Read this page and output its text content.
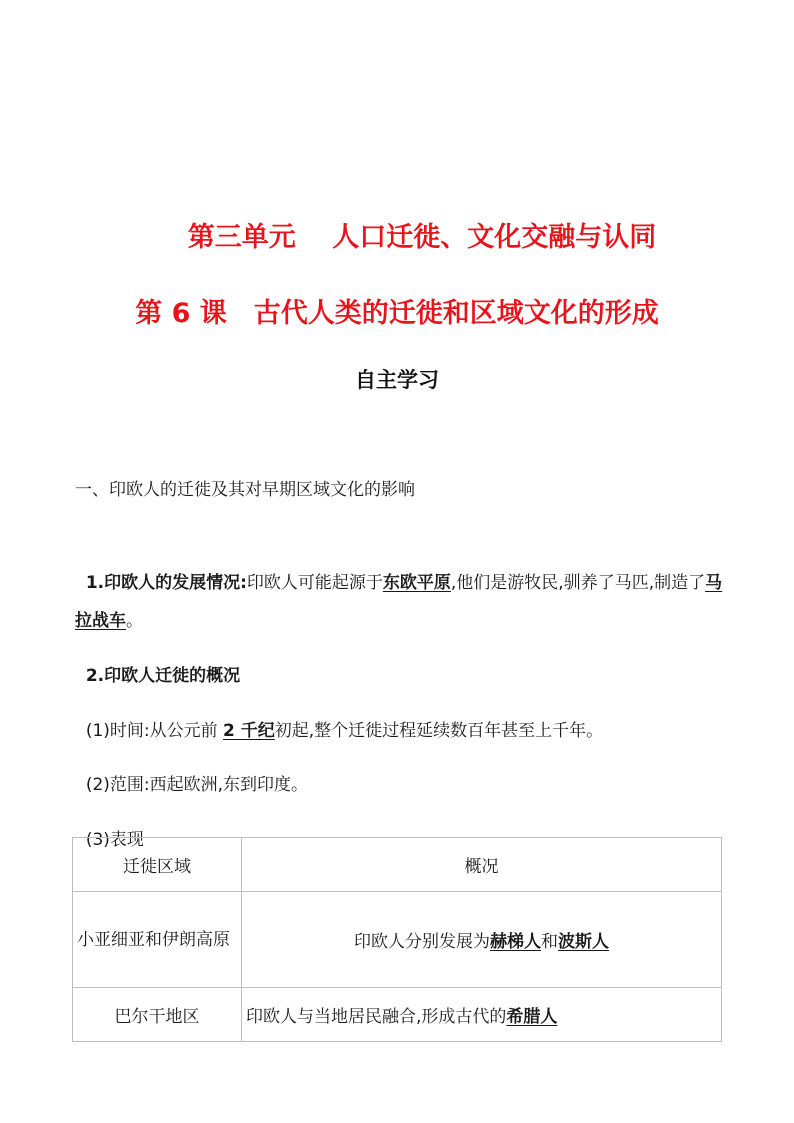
第三单元　 人口迁徙、文化交融与认同
第 6 课　古代人类的迁徙和区域文化的形成
自主学习
一、印欧人的迁徙及其对早期区域文化的影响

1.印欧人的发展情况:印欧人可能起源于东欧平原,他们是游牧民,驯养了马匹,制造了马拉战车。

2.印欧人迁徙的概况

(1)时间:从公元前 2 千纪初起,整个迁徙过程延续数百年甚至上千年。

(2)范围:西起欧洲,东到印度。

(3)表现

迁徙区域	概况
小亚细亚和伊朗高原	印欧人分别发展为赫梯人和波斯人
巴尔干地区	印欧人与当地居民融合,形成古代的希腊人
